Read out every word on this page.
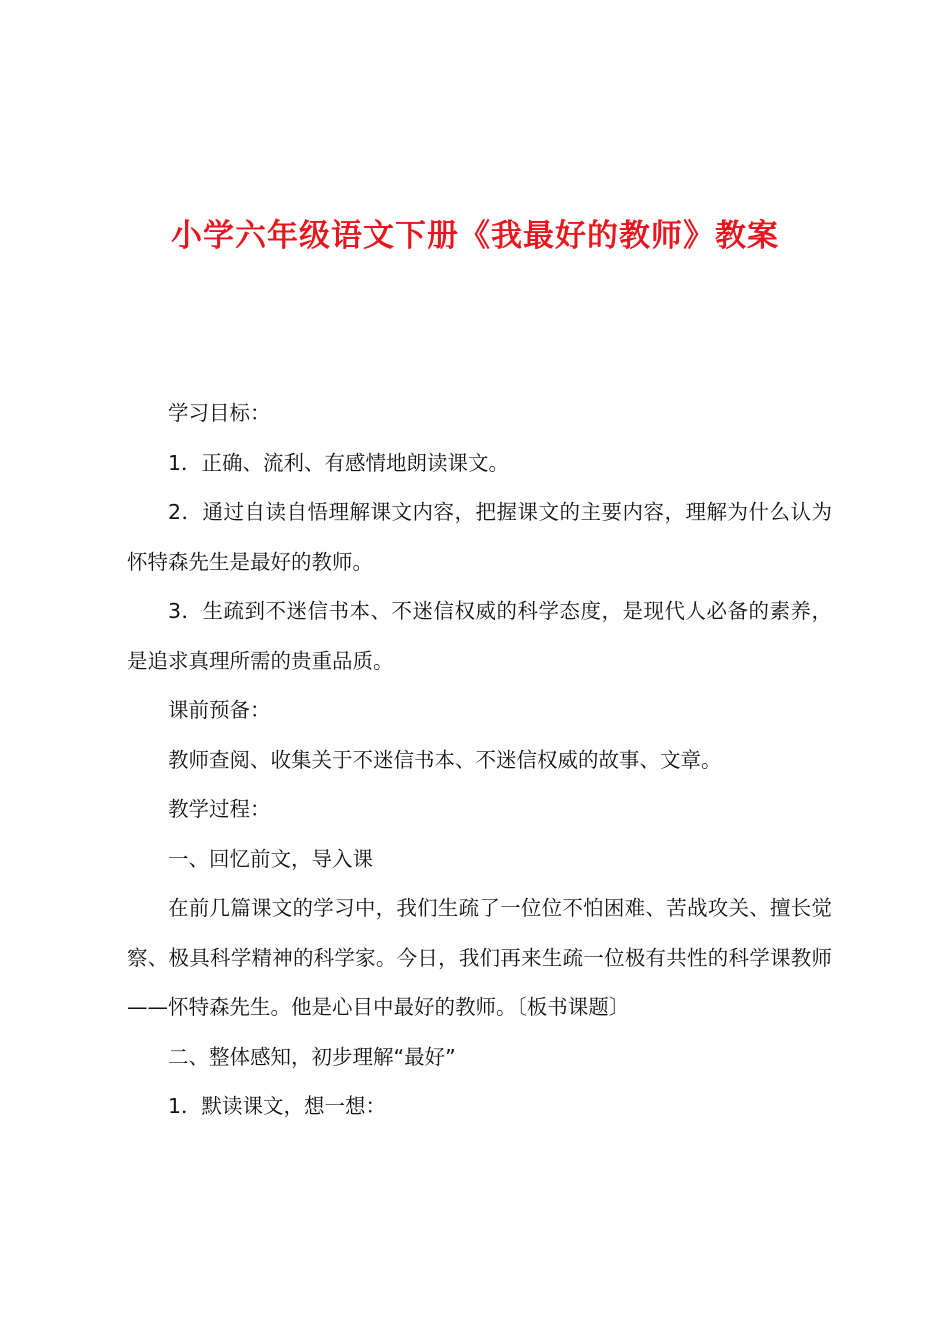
小学六年级语文下册《我最好的教师》教案

学习目标：

1．正确、流利、有感情地朗读课文。

2．通过自读自悟理解课文内容，把握课文的主要内容，理解为什么认为怀特森先生是最好的教师。

3．生疏到不迷信书本、不迷信权威的科学态度，是现代人必备的素养，是追求真理所需的贵重品质。

课前预备：

教师查阅、收集关于不迷信书本、不迷信权威的故事、文章。

教学过程：

一、回忆前文，导入课

在前几篇课文的学习中，我们生疏了一位位不怕困难、苦战攻关、擅长觉察、极具科学精神的科学家。今日，我们再来生疏一位极有共性的科学课教师——怀特森先生。他是心目中最好的教师。〔板书课题〕

二、整体感知，初步理解“最好”

1．默读课文，想一想：
